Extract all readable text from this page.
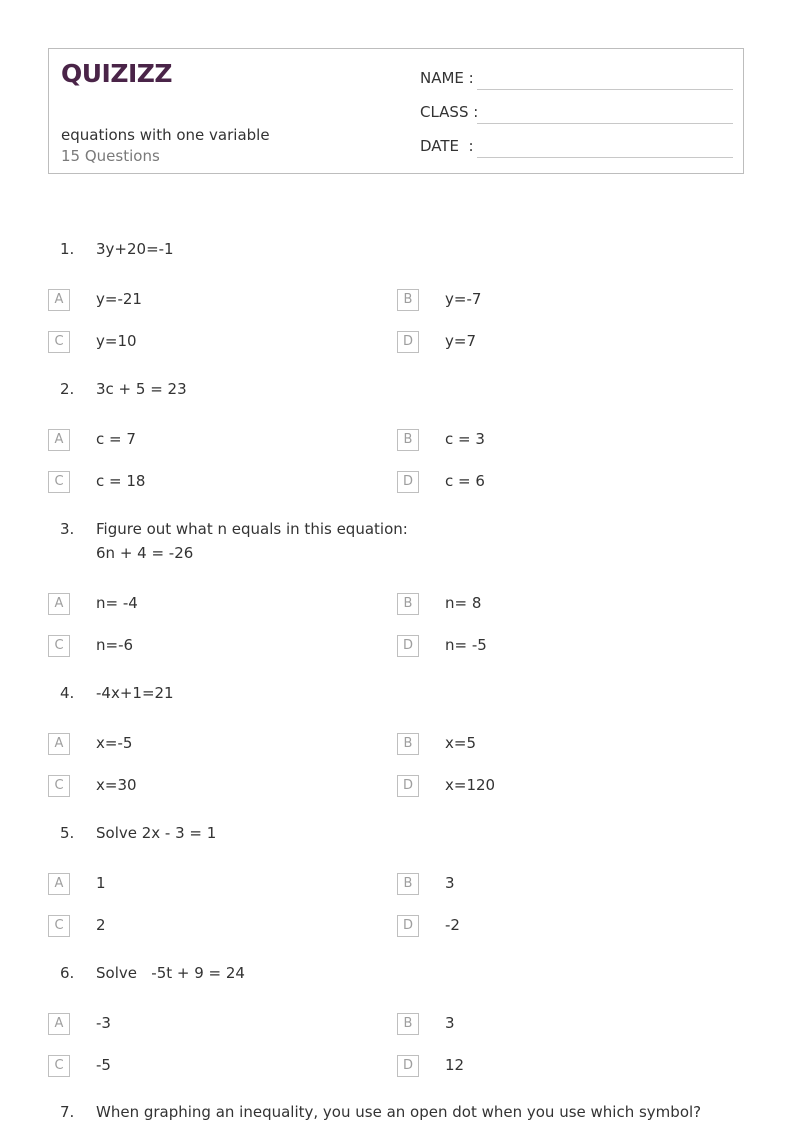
QUIZIZZ
equations with one variable
15 Questions
NAME :
CLASS :
DATE  :
1. 3y+20=-1
A	y=-21	B	y=-7
C	y=10	D	y=7
2. 3c + 5 = 23
A	c = 7	B	c = 3
C	c = 18	D	c = 6
3. Figure out what n equals in this equation:
6n + 4 = -26
A	n= -4	B	n= 8
C	n=-6	D	n= -5
4. -4x+1=21
A	x=-5	B	x=5
C	x=30	D	x=120
5. Solve 2x - 3 = 1
A	1	B	3
C	2	D	-2
6. Solve   -5t + 9 = 24
A	-3	B	3
C	-5	D	12
7. When graphing an inequality, you use an open dot when you use which symbol?
